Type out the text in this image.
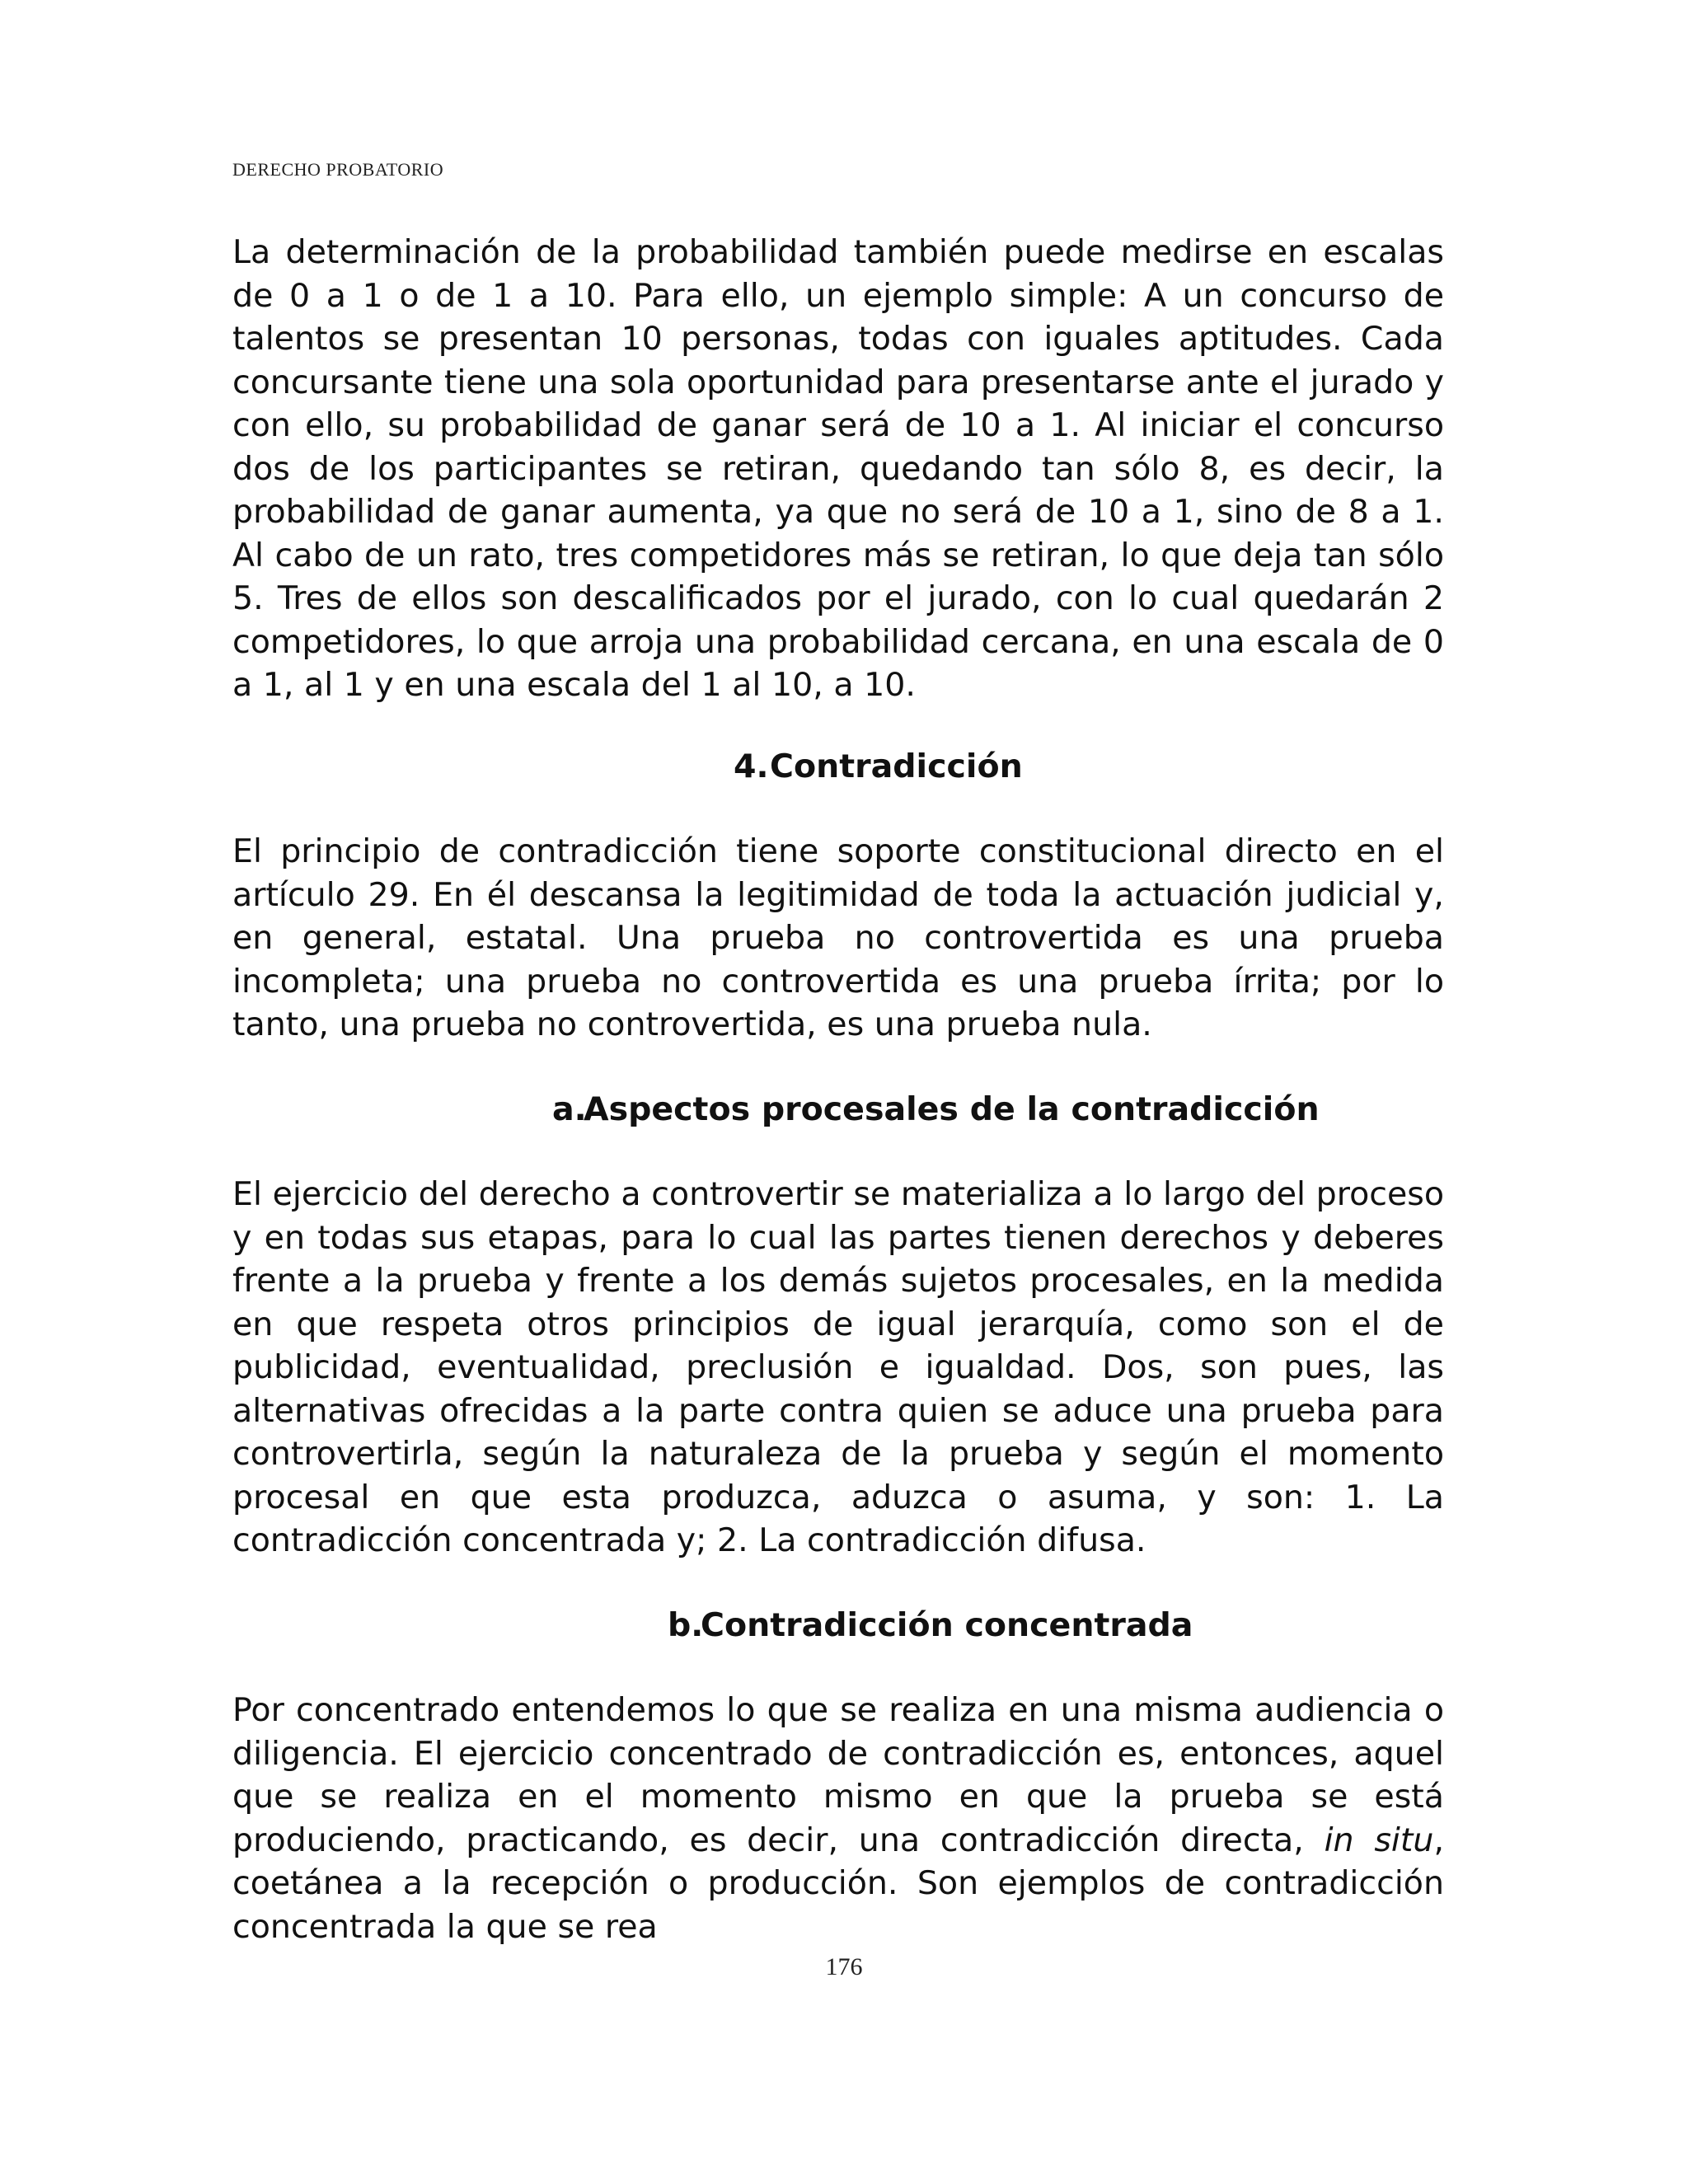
DERECHO PROBATORIO

La determinación de la probabilidad también puede medirse en escalas de 0 a 1 o de 1 a 10. Para ello, un ejemplo simple: A un concurso de talentos se presentan 10 personas, todas con iguales aptitudes. Cada concursante tiene una sola oportunidad para presentarse ante el jurado y con ello, su probabilidad de ganar será de 10 a 1. Al iniciar el concurso dos de los participantes se retiran, quedando tan sólo 8, es decir, la probabilidad de ganar aumenta, ya que no será de 10 a 1, sino de 8 a 1. Al cabo de un rato, tres competidores más se retiran, lo que deja tan sólo 5. Tres de ellos son descalificados por el jurado, con lo cual quedarán 2 competidores, lo que arroja una probabilidad cercana, en una escala de 0 a 1, al 1 y en una escala del 1 al 10, a 10.

4.Contradicción

El principio de contradicción tiene soporte constitucional directo en el artículo 29. En él descansa la legitimidad de toda la actuación judicial y, en general, estatal. Una prueba no controvertida es una prueba incompleta; una prueba no controvertida es una prueba írrita; por lo tanto, una prueba no controvertida, es una prueba nula.

a.Aspectos procesales de la contradicción

El ejercicio del derecho a controvertir se materializa a lo largo del proceso y en todas sus etapas, para lo cual las partes tienen derechos y deberes frente a la prueba y frente a los demás sujetos procesales, en la medida en que respeta otros principios de igual jerarquía, como son el de publicidad, eventualidad, preclusión e igualdad. Dos, son pues, las alternativas ofrecidas a la parte contra quien se aduce una prueba para controvertirla, según la naturaleza de la prueba y según el momento procesal en que esta produzca, aduzca o asuma, y son: 1. La contradicción concentrada y; 2. La contradicción difusa.

b.Contradicción concentrada

Por concentrado entendemos lo que se realiza en una misma audiencia o diligencia. El ejercicio concentrado de contradicción es, entonces, aquel que se realiza en el momento mismo en que la prueba se está produciendo, practicando, es decir, una contradicción directa, in situ, coetánea a la recepción o producción. Son ejemplos de contradicción concentrada la que se rea

176
